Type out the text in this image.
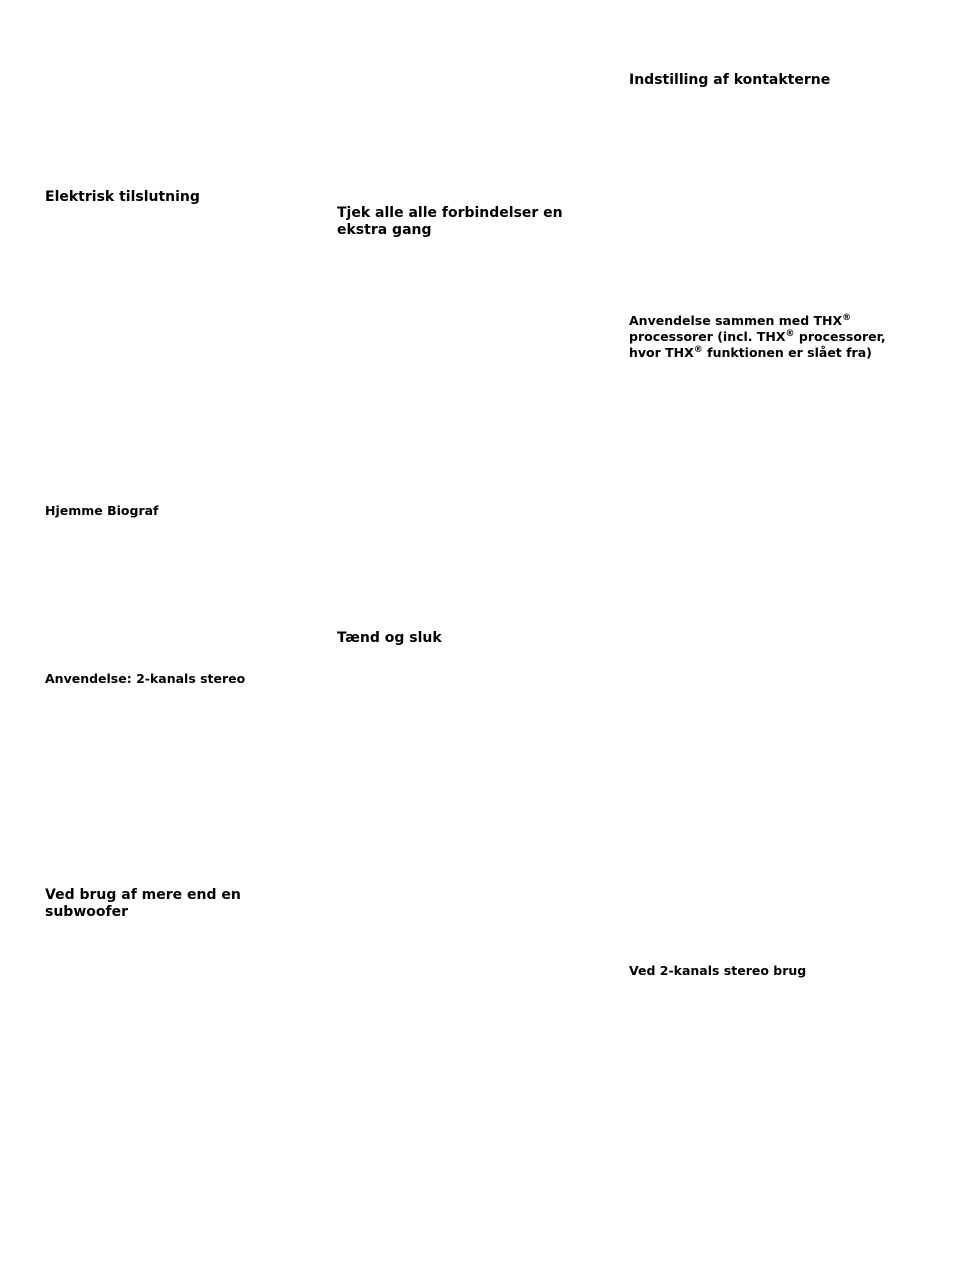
Elektrisk tilslutning
Tjek alle alle forbindelser en ekstra gang
Indstilling af kontakterne
Anvendelse sammen med THX® processorer (incl. THX® processorer, hvor THX® funktionen er slået fra)
Hjemme Biograf
Tænd og sluk
Anvendelse: 2-kanals stereo
Ved brug af mere end en subwoofer
Ved 2-kanals stereo brug
